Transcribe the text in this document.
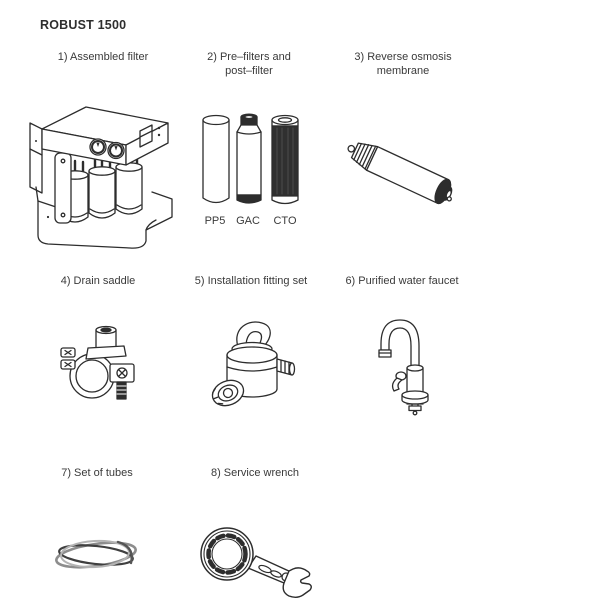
ROBUST 1500
1) Assembled filter	2) Pre–filters and
post–filter
3) Reverse osmosis
membrane
PP5 GAC	CTO
4) Drain saddle	5) Installation fitting set	6) Purified water faucet
7) Set of tubes	8) Service wrench
